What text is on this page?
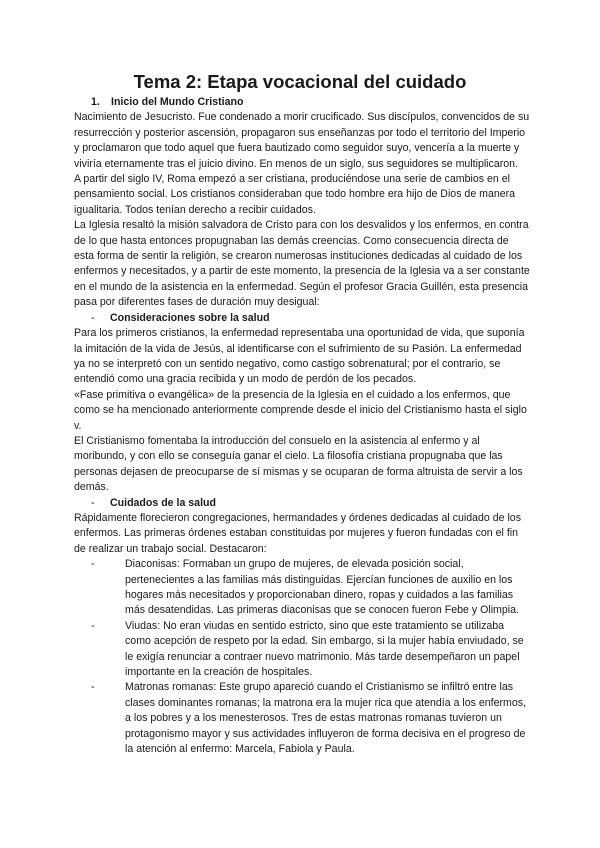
Tema 2: Etapa vocacional del cuidado
1. Inicio del Mundo Cristiano

Nacimiento de Jesucristo. Fue condenado a morir crucificado. Sus discípulos, convencidos de su resurrección y posterior ascensión, propagaron sus enseñanzas por todo el territorio del Imperio y proclamaron que todo aquel que fuera bautizado como seguidor suyo, vencería a la muerte y viviría eternamente tras el juicio divino. En menos de un siglo, sus seguidores se multiplicaron.

A partir del siglo IV, Roma empezó a ser cristiana, produciéndose una serie de cambios en el pensamiento social. Los cristianos consideraban que todo hombre era hijo de Dios de manera igualitaria. Todos tenían derecho a recibir cuidados.

La Iglesia resaltó la misión salvadora de Cristo para con los desvalidos y los enfermos, en contra de lo que hasta entonces propugnaban las demás creencias. Como consecuencia directa de esta forma de sentir la religión, se crearon numerosas instituciones dedicadas al cuidado de los enfermos y necesitados, y a partir de este momento, la presencia de la Iglesia va a ser constante en el mundo de la asistencia en la enfermedad. Según el profesor Gracia Guillén, esta presencia pasa por diferentes fases de duración muy desigual:

- Consideraciones sobre la salud

Para los primeros cristianos, la enfermedad representaba una oportunidad de vida, que suponía la imitación de la vida de Jesús, al identificarse con el sufrimiento de su Pasión. La enfermedad ya no se interpretó con un sentido negativo, como castigo sobrenatural; por el contrario, se entendió como una gracia recibida y un modo de perdón de los pecados.

«Fase primitiva o evangélica» de la presencia de la Iglesia en el cuidado a los enfermos, que como se ha mencionado anteriormente comprende desde el inicio del Cristianismo hasta el siglo v.

El Cristianismo fomentaba la introducción del consuelo en la asistencia al enfermo y al moribundo, y con ello se conseguía ganar el cielo. La filosofía cristiana propugnaba que las personas dejasen de preocuparse de sí mismas y se ocuparan de forma altruista de servir a los demás.

- Cuidados de la salud

Rápidamente florecieron congregaciones, hermandades y órdenes dedicadas al cuidado de los enfermos. Las primeras órdenes estaban constituidas por mujeres y fueron fundadas con el fin de realizar un trabajo social. Destacaron:

-	Diaconisas: Formaban un grupo de mujeres, de elevada posición social, pertenecientes a las familias más distinguidas. Ejercían funciones de auxilio en los hogares más necesitados y proporcionaban dinero, ropas y cuidados a las familias más desatendidas. Las primeras diaconisas que se conocen fueron Febe y Olimpia.
-	Viudas: No eran viudas en sentido estricto, sino que este tratamiento se utilizaba como acepción de respeto por la edad. Sin embargo, si la mujer había enviudado, se le exigía renunciar a contraer nuevo matrimonio. Más tarde desempeñaron un papel importante en la creación de hospitales.
-	Matronas romanas: Este grupo apareció cuando el Cristianismo se infiltró entre las clases dominantes romanas; la matrona era la mujer rica que atendía a los enfermos, a los pobres y a los menesterosos. Tres de estas matronas romanas tuvieron un protagonismo mayor y sus actividades influyeron de forma decisiva en el progreso de la atención al enfermo: Marcela, Fabiola y Paula.
